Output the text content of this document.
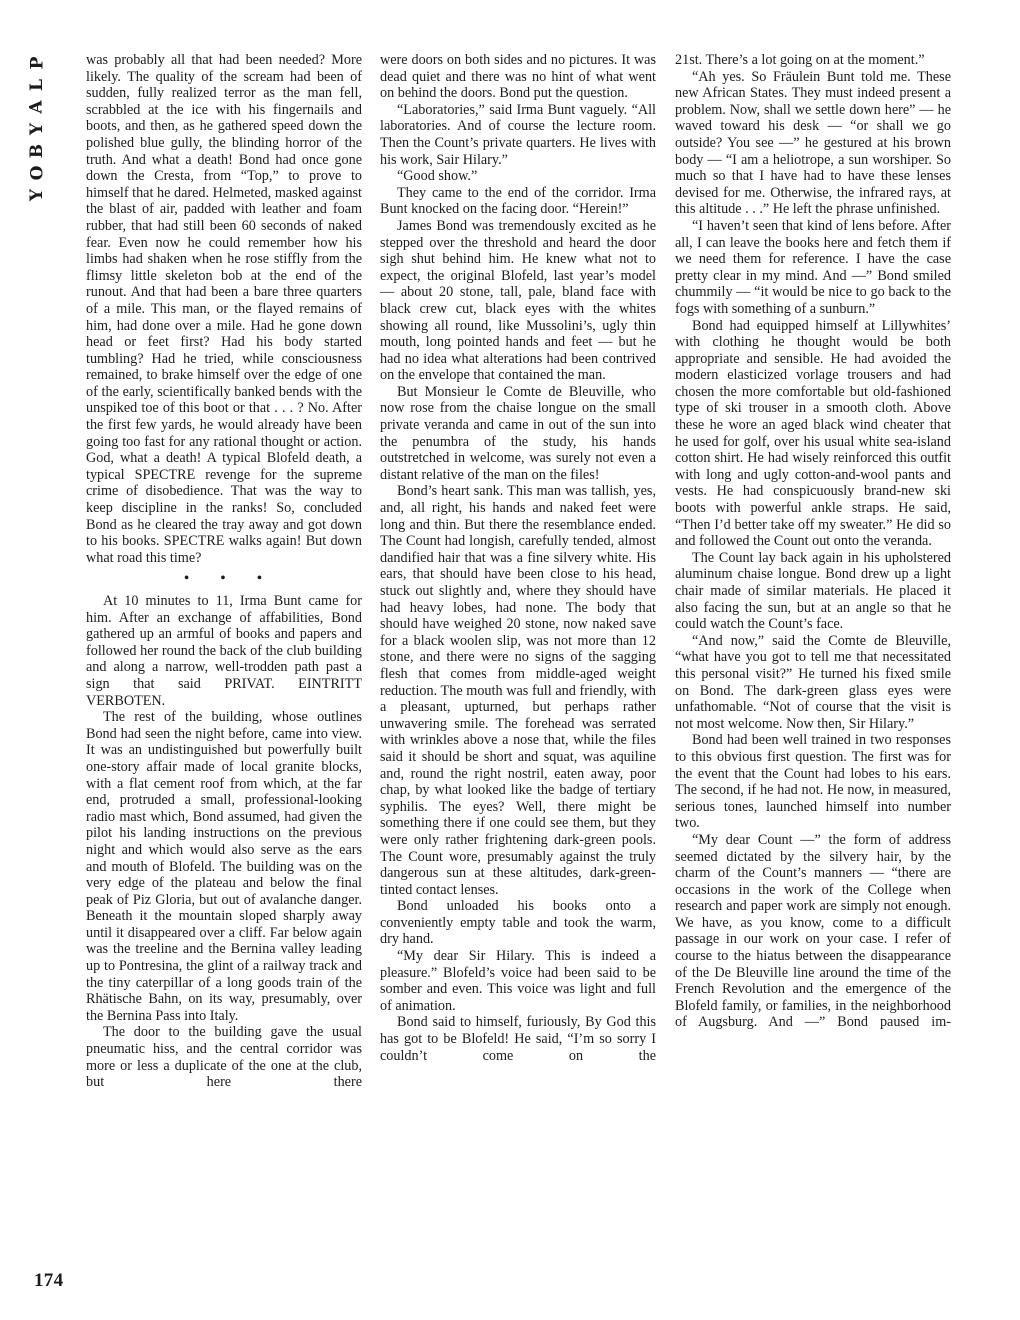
P
L
A
Y
B
O
Y
174

was probably all that had been needed? More likely. The quality of the scream had been of sudden, fully realized terror as the man fell, scrabbled at the ice with his fingernails and boots, and then, as he gathered speed down the polished blue gully, the blinding horror of the truth. And what a death! Bond had once gone down the Cresta, from “Top,” to prove to himself that he dared. Helmeted, masked against the blast of air, padded with leather and foam rubber, that had still been 60 seconds of naked fear. Even now he could remember how his limbs had shaken when he rose stiffly from the flimsy little skeleton bob at the end of the runout. And that had been a bare three quarters of a mile. This man, or the flayed remains of him, had done over a mile. Had he gone down head or feet first? Had his body started tumbling? Had he tried, while consciousness remained, to brake himself over the edge of one of the early, scientifically banked bends with the unspiked toe of this boot or that . . . ? No. After the first few yards, he would already have been going too fast for any rational thought or action. God, what a death! A typical Blofeld death, a typical SPECTRE revenge for the supreme crime of disobedience. That was the way to keep discipline in the ranks! So, concluded Bond as he cleared the tray away and got down to his books. SPECTRE walks again! But down what road this time?

• • •

At 10 minutes to 11, Irma Bunt came for him. After an exchange of affabilities, Bond gathered up an armful of books and papers and followed her round the back of the club building and along a narrow, well-trodden path past a sign that said PRIVAT. EINTRITT VERBOTEN.

The rest of the building, whose outlines Bond had seen the night before, came into view. It was an undistinguished but powerfully built one-story affair made of local granite blocks, with a flat cement roof from which, at the far end, protruded a small, professional-looking radio mast which, Bond assumed, had given the pilot his landing instructions on the previous night and which would also serve as the ears and mouth of Blofeld. The building was on the very edge of the plateau and below the final peak of Piz Gloria, but out of avalanche danger. Beneath it the mountain sloped sharply away until it disappeared over a cliff. Far below again was the treeline and the Bernina valley leading up to Pontresina, the glint of a railway track and the tiny caterpillar of a long goods train of the Rhätische Bahn, on its way, presumably, over the Bernina Pass into Italy.

The door to the building gave the usual pneumatic hiss, and the central corridor was more or less a duplicate of the one at the club, but here there

were doors on both sides and no pictures. It was dead quiet and there was no hint of what went on behind the doors. Bond put the question.

“Laboratories,” said Irma Bunt vaguely. “All laboratories. And of course the lecture room. Then the Count’s private quarters. He lives with his work, Sair Hilary.”

“Good show.”

They came to the end of the corridor. Irma Bunt knocked on the facing door. “Herein!”

James Bond was tremendously excited as he stepped over the threshold and heard the door sigh shut behind him. He knew what not to expect, the original Blofeld, last year’s model — about 20 stone, tall, pale, bland face with black crew cut, black eyes with the whites showing all round, like Mussolini’s, ugly thin mouth, long pointed hands and feet — but he had no idea what alterations had been contrived on the envelope that contained the man.

But Monsieur le Comte de Bleuville, who now rose from the chaise longue on the small private veranda and came in out of the sun into the penumbra of the study, his hands outstretched in welcome, was surely not even a distant relative of the man on the files!

Bond’s heart sank. This man was tallish, yes, and, all right, his hands and naked feet were long and thin. But there the resemblance ended. The Count had longish, carefully tended, almost dandified hair that was a fine silvery white. His ears, that should have been close to his head, stuck out slightly and, where they should have had heavy lobes, had none. The body that should have weighed 20 stone, now naked save for a black woolen slip, was not more than 12 stone, and there were no signs of the sagging flesh that comes from middle-aged weight reduction. The mouth was full and friendly, with a pleasant, upturned, but perhaps rather unwavering smile. The forehead was serrated with wrinkles above a nose that, while the files said it should be short and squat, was aquiline and, round the right nostril, eaten away, poor chap, by what looked like the badge of tertiary syphilis. The eyes? Well, there might be something there if one could see them, but they were only rather frightening dark-green pools. The Count wore, presumably against the truly dangerous sun at these altitudes, dark-green-tinted contact lenses.

Bond unloaded his books onto a conveniently empty table and took the warm, dry hand.

“My dear Sir Hilary. This is indeed a pleasure.” Blofeld’s voice had been said to be somber and even. This voice was light and full of animation.

Bond said to himself, furiously, By God this has got to be Blofeld! He said, “I’m so sorry I couldn’t come on the

21st. There’s a lot going on at the moment.”

“Ah yes. So Fräulein Bunt told me. These new African States. They must indeed present a problem. Now, shall we settle down here” — he waved toward his desk — “or shall we go outside? You see —” he gestured at his brown body — “I am a heliotrope, a sun worshiper. So much so that I have had to have these lenses devised for me. Otherwise, the infrared rays, at this altitude . . .” He left the phrase unfinished.

“I haven’t seen that kind of lens before. After all, I can leave the books here and fetch them if we need them for reference. I have the case pretty clear in my mind. And —” Bond smiled chummily — “it would be nice to go back to the fogs with something of a sunburn.”

Bond had equipped himself at Lillywhites’ with clothing he thought would be both appropriate and sensible. He had avoided the modern elasticized vorlage trousers and had chosen the more comfortable but old-fashioned type of ski trouser in a smooth cloth. Above these he wore an aged black wind cheater that he used for golf, over his usual white sea-island cotton shirt. He had wisely reinforced this outfit with long and ugly cotton-and-wool pants and vests. He had conspicuously brand-new ski boots with powerful ankle straps. He said, “Then I’d better take off my sweater.” He did so and followed the Count out onto the veranda.

The Count lay back again in his upholstered aluminum chaise longue. Bond drew up a light chair made of similar materials. He placed it also facing the sun, but at an angle so that he could watch the Count’s face.

“And now,” said the Comte de Bleuville, “what have you got to tell me that necessitated this personal visit?” He turned his fixed smile on Bond. The dark-green glass eyes were unfathomable. “Not of course that the visit is not most welcome. Now then, Sir Hilary.”

Bond had been well trained in two responses to this obvious first question. The first was for the event that the Count had lobes to his ears. The second, if he had not. He now, in measured, serious tones, launched himself into number two.

“My dear Count —” the form of address seemed dictated by the silvery hair, by the charm of the Count’s manners — “there are occasions in the work of the College when research and paper work are simply not enough. We have, as you know, come to a difficult passage in our work on your case. I refer of course to the hiatus between the disappearance of the De Bleuville line around the time of the French Revolution and the emergence of the Blofeld family, or families, in the neighborhood of Augsburg. And —” Bond paused im-
